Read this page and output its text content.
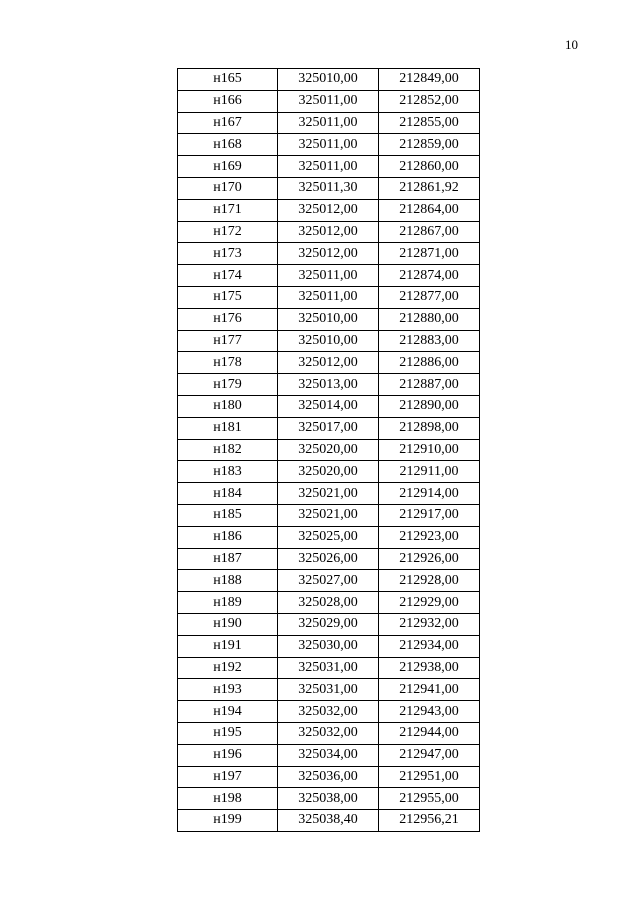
10
н165	325010,00	212849,00
н166	325011,00	212852,00
н167	325011,00	212855,00
н168	325011,00	212859,00
н169	325011,00	212860,00
н170	325011,30	212861,92
н171	325012,00	212864,00
н172	325012,00	212867,00
н173	325012,00	212871,00
н174	325011,00	212874,00
н175	325011,00	212877,00
н176	325010,00	212880,00
н177	325010,00	212883,00
н178	325012,00	212886,00
н179	325013,00	212887,00
н180	325014,00	212890,00
н181	325017,00	212898,00
н182	325020,00	212910,00
н183	325020,00	212911,00
н184	325021,00	212914,00
н185	325021,00	212917,00
н186	325025,00	212923,00
н187	325026,00	212926,00
н188	325027,00	212928,00
н189	325028,00	212929,00
н190	325029,00	212932,00
н191	325030,00	212934,00
н192	325031,00	212938,00
н193	325031,00	212941,00
н194	325032,00	212943,00
н195	325032,00	212944,00
н196	325034,00	212947,00
н197	325036,00	212951,00
н198	325038,00	212955,00
н199	325038,40	212956,21
